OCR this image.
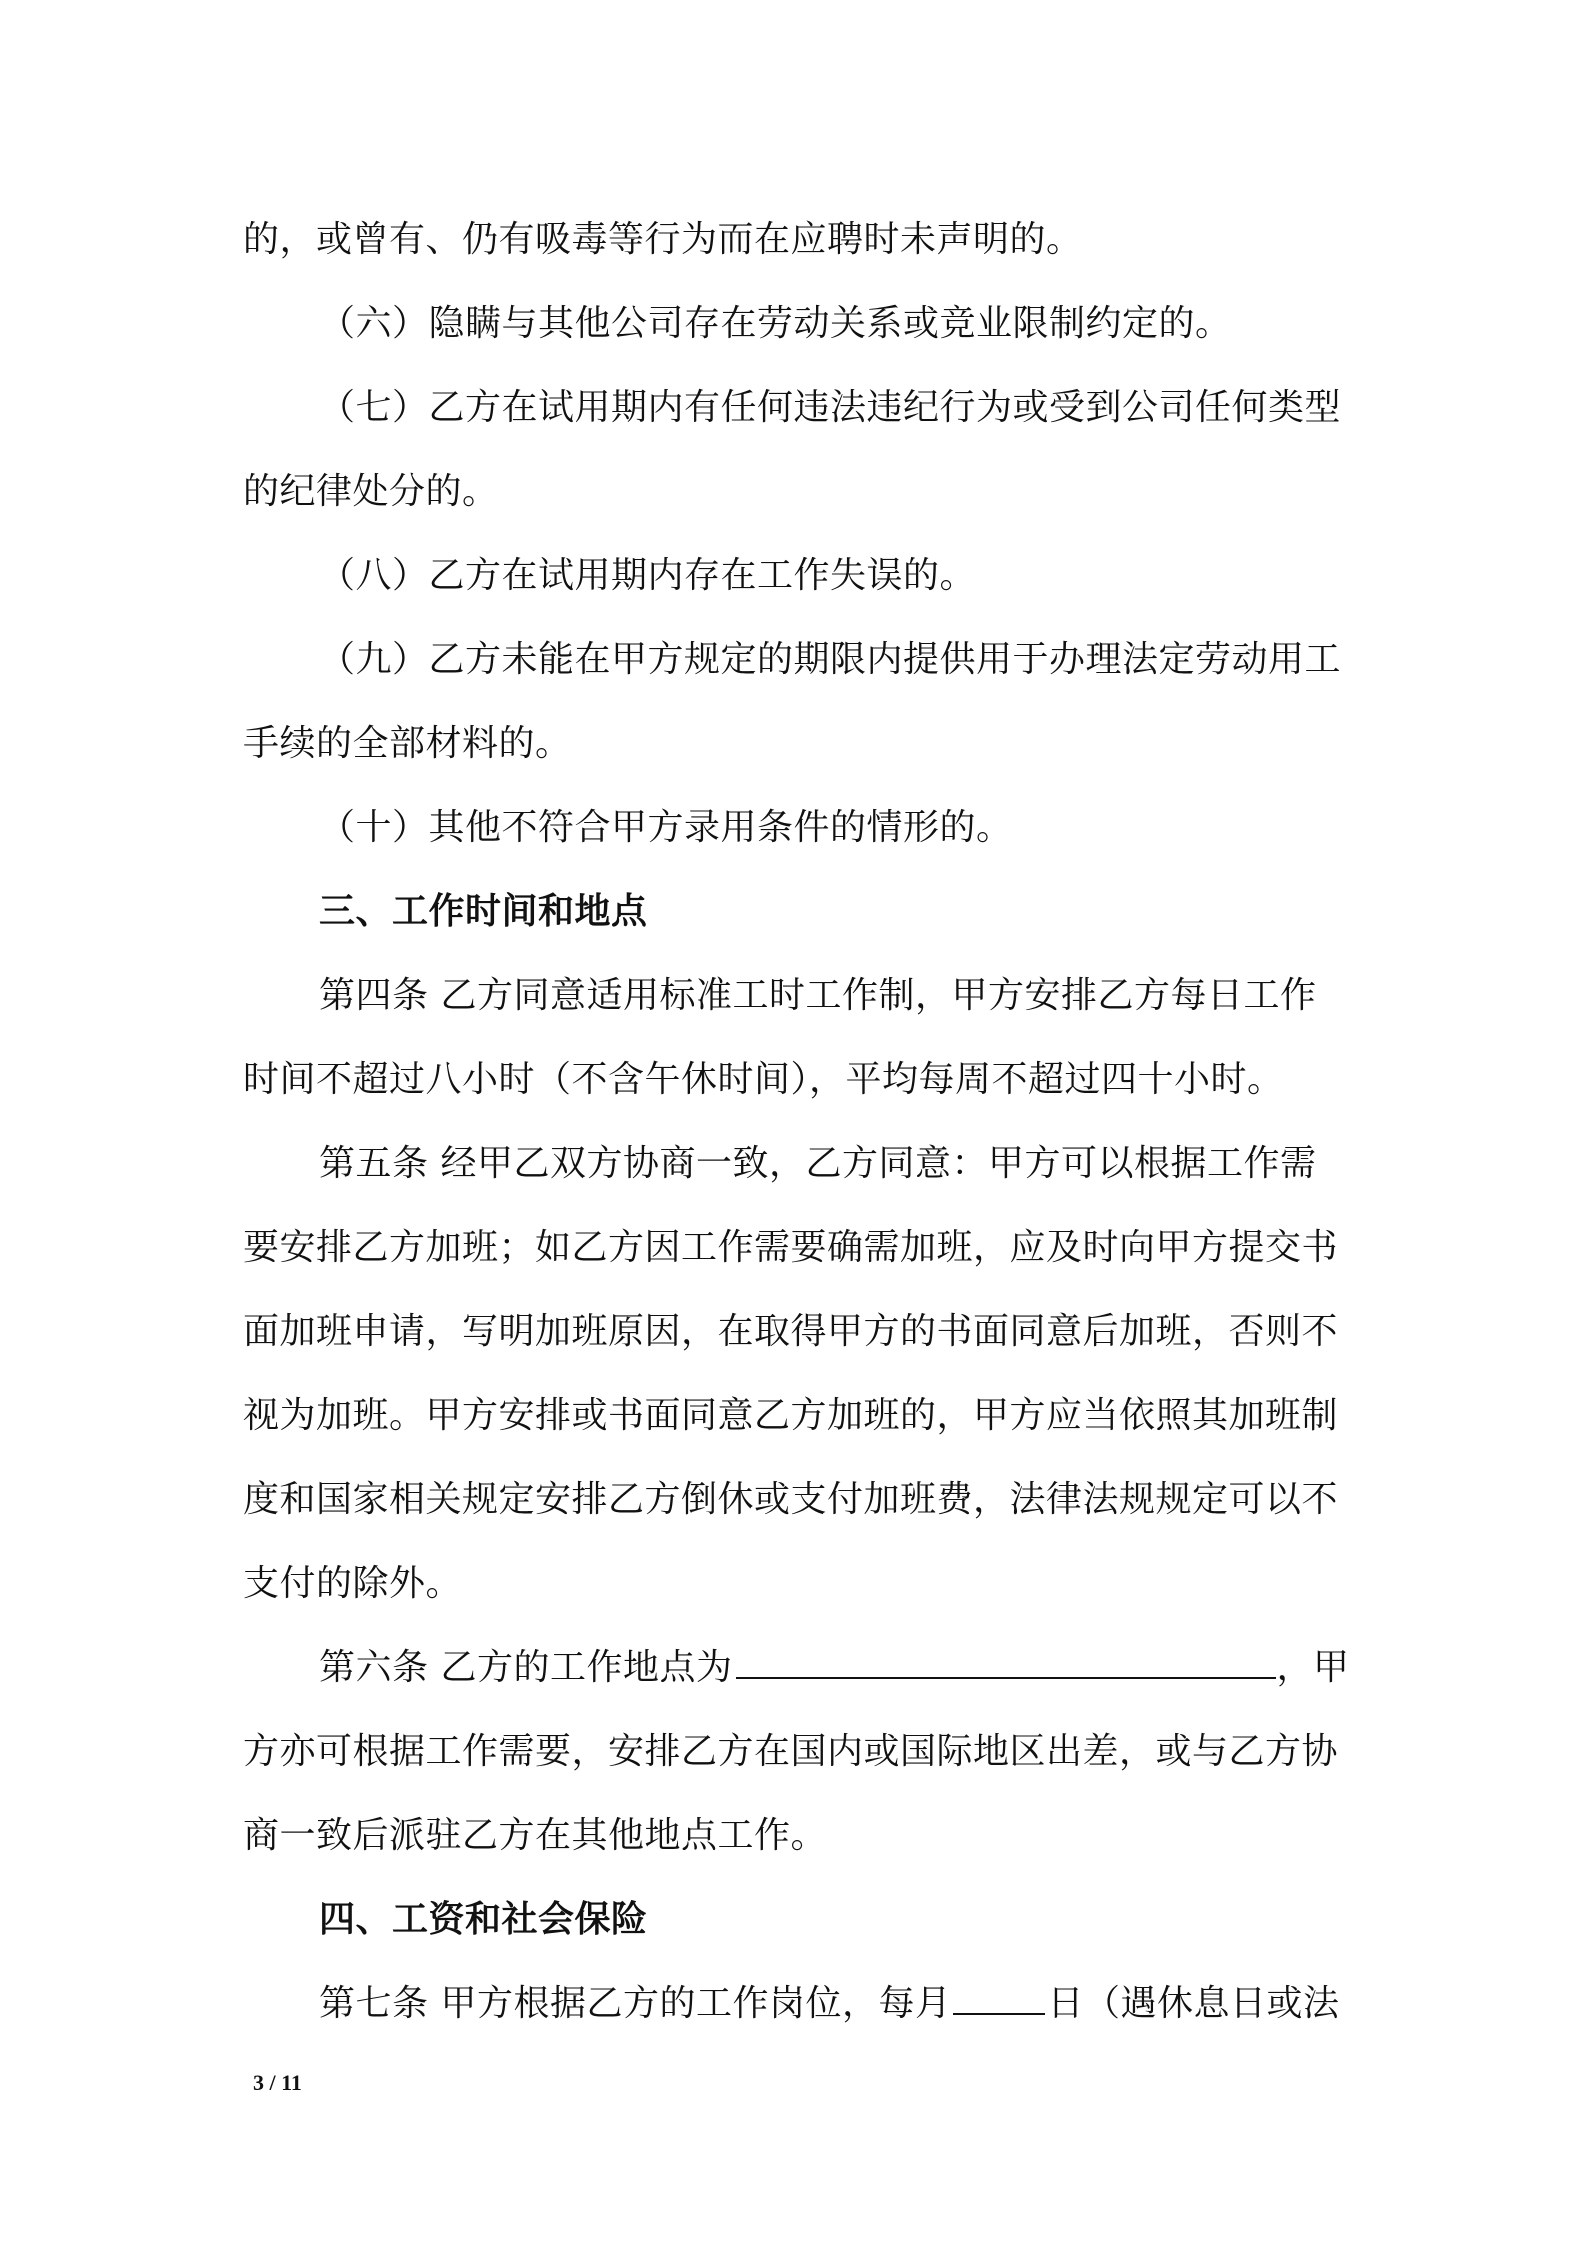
的，或曾有、仍有吸毒等行为而在应聘时未声明的。
（六）隐瞒与其他公司存在劳动关系或竞业限制约定的。
（七）乙方在试用期内有任何违法违纪行为或受到公司任何类型
的纪律处分的。
（八）乙方在试用期内存在工作失误的。
（九）乙方未能在甲方规定的期限内提供用于办理法定劳动用工
手续的全部材料的。
（十）其他不符合甲方录用条件的情形的。
三、工作时间和地点
第四条 乙方同意适用标准工时工作制，甲方安排乙方每日工作
时间不超过八小时（不含午休时间），平均每周不超过四十小时。
第五条 经甲乙双方协商一致，乙方同意：甲方可以根据工作需
要安排乙方加班；如乙方因工作需要确需加班，应及时向甲方提交书
面加班申请，写明加班原因，在取得甲方的书面同意后加班，否则不
视为加班。甲方安排或书面同意乙方加班的，甲方应当依照其加班制
度和国家相关规定安排乙方倒休或支付加班费，法律法规规定可以不
支付的除外。
第六条 乙方的工作地点为	，甲
方亦可根据工作需要，安排乙方在国内或国际地区出差，或与乙方协
商一致后派驻乙方在其他地点工作。
四、工资和社会保险
第七条 甲方根据乙方的工作岗位，每月	日（遇休息日或法
3 / 11
